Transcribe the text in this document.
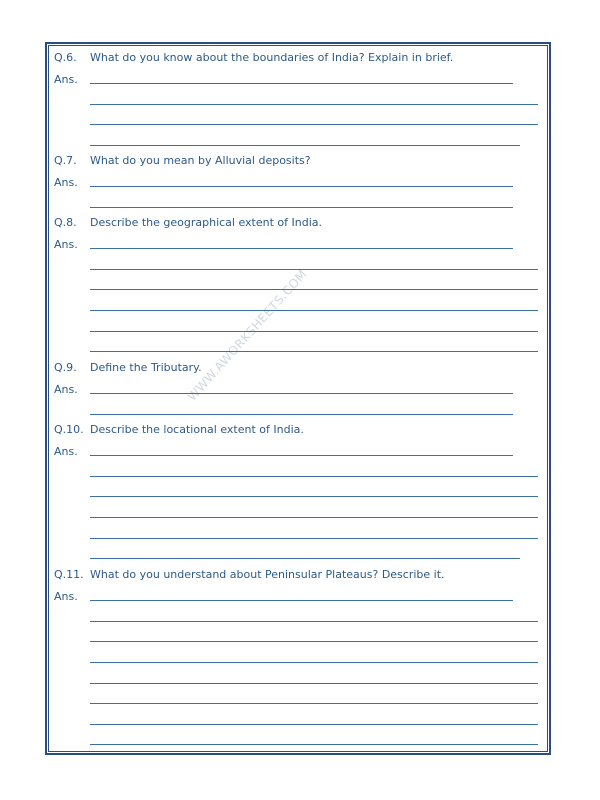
WWW.AWORKSHEETS.COM
Q.6. What do you know about the boundaries of India? Explain in brief.
Ans.
Q.7. What do you mean by Alluvial deposits?
Ans.
Q.8. Describe the geographical extent of India.
Ans.
Q.9. Define the Tributary.
Ans.
Q.10. Describe the locational extent of India.
Ans.
Q.11. What do you understand about Peninsular Plateaus? Describe it.
Ans.
